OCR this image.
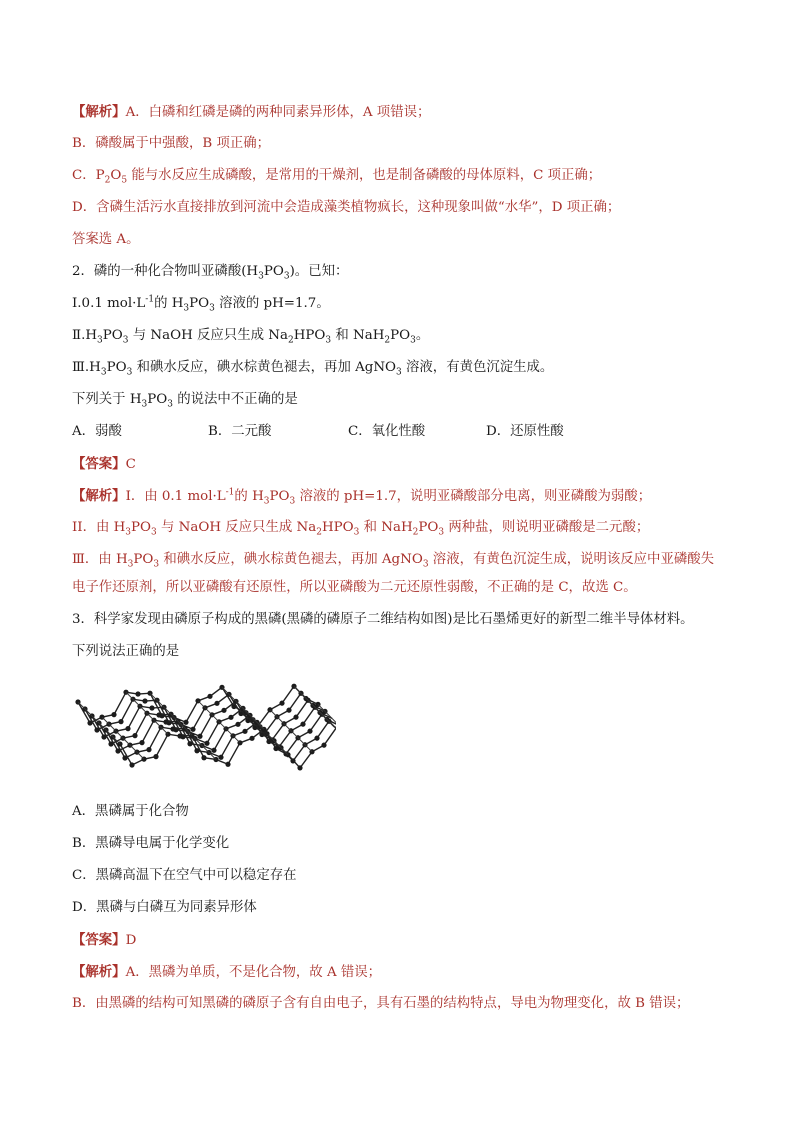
【解析】A．白磷和红磷是磷的两种同素异形体，A 项错误；
B．磷酸属于中强酸，B 项正确；
C．$P_2O_5$ 能与水反应生成磷酸，是常用的干燥剂，也是制备磷酸的母体原料，C 项正确；
D．含磷生活污水直接排放到河流中会造成藻类植物疯长，这种现象叫做“水华”，D 项正确；
答案选 A。
2．磷的一种化合物叫亚磷酸$(H_3PO_3)$。已知：
Ⅰ.0.1 $mol\cdot L^{-1}$的 $H_3PO_3$ 溶液的 pH=1.7。
$Ⅱ.H_3PO_3$ 与 NaOH 反应只生成 $Na_2HPO_3$ 和 $NaH_2PO_3$。
$Ⅲ.H_3PO_3$ 和碘水反应，碘水棕黄色褪去，再加 AgNO$_3$ 溶液，有黄色沉淀生成。
下列关于 $H_3PO_3$ 的说法中不正确的是
A．弱酸	B．二元酸	C．氧化性酸	D．还原性酸
【答案】C
【解析】I．由 0.1 $mol\cdot L^{-1}$的 $H_3PO_3$ 溶液的 pH=1.7，说明亚磷酸部分电离，则亚磷酸为弱酸；
II．由 $H_3PO_3$ 与 NaOH 反应只生成 $Na_2HPO_3$ 和 $NaH_2PO_3$ 两种盐，则说明亚磷酸是二元酸；
Ⅲ．由 $H_3PO_3$ 和碘水反应，碘水棕黄色褪去，再加 AgNO$_3$ 溶液，有黄色沉淀生成，说明该反应中亚磷酸失
电子作还原剂，所以亚磷酸有还原性，所以亚磷酸为二元还原性弱酸，不正确的是 C，故选 C。
3．科学家发现由磷原子构成的黑磷(黑磷的磷原子二维结构如图)是比石墨烯更好的新型二维半导体材料。
下列说法正确的是
A．黑磷属于化合物
B．黑磷导电属于化学变化
C．黑磷高温下在空气中可以稳定存在
D．黑磷与白磷互为同素异形体
【答案】D
【解析】A．黑磷为单质，不是化合物，故 A 错误；
B．由黑磷的结构可知黑磷的磷原子含有自由电子，具有石墨的结构特点，导电为物理变化，故 B 错误；
